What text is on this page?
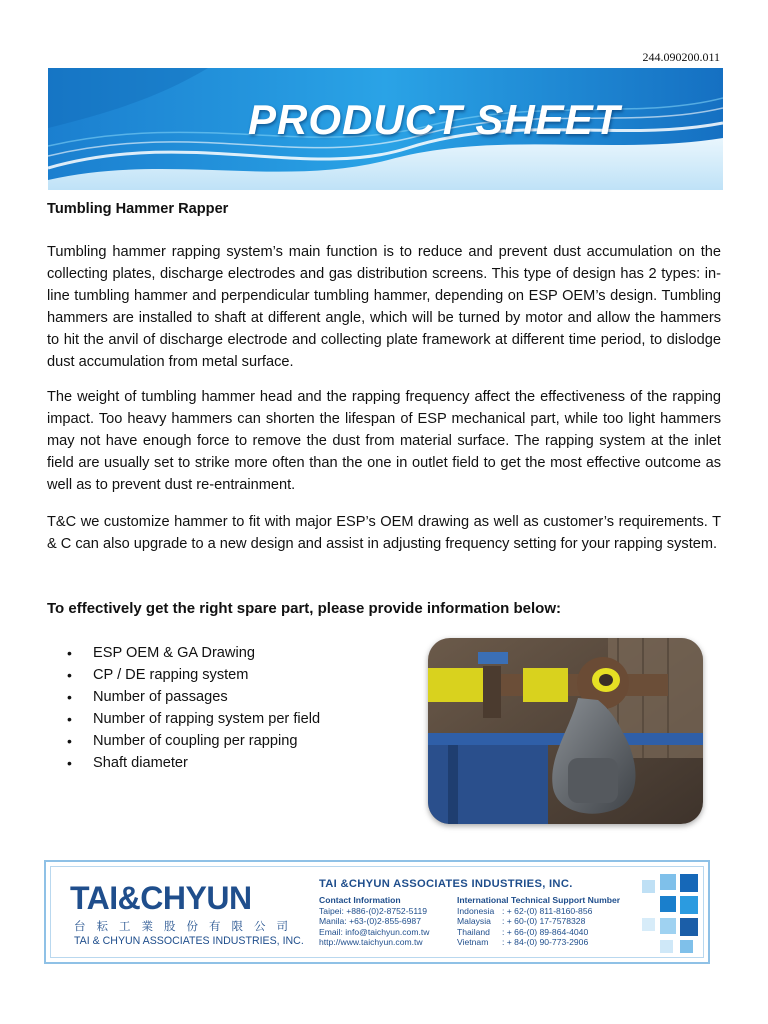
244.090200.011
PRODUCT SHEET
Tumbling Hammer Rapper
Tumbling hammer rapping system’s main function is to reduce and prevent dust accumulation on the collecting plates, discharge electrodes and gas distribution screens. This type of design has 2 types: in-line tumbling hammer and perpendicular tumbling hammer, depending on ESP OEM’s design. Tumbling hammers are installed to shaft at different angle, which will be turned by motor and allow the hammers to hit the anvil of discharge electrode and collecting plate framework at different time period, to dislodge dust accumulation from metal surface.
The weight of tumbling hammer head and the rapping frequency affect the effectiveness of the rapping impact. Too heavy hammers can shorten the lifespan of ESP mechanical part, while too light hammers may not have enough force to remove the dust from material surface. The rapping system at the inlet field are usually set to strike more often than the one in outlet field to get the most effective outcome as well as to prevent dust re-entrainment.
T&C we customize hammer to fit with major ESP’s OEM drawing as well as customer’s requirements. T & C can also upgrade to a new design and assist in adjusting frequency setting for your rapping system.
To effectively get the right spare part, please provide information below:
• ESP OEM & GA Drawing
• CP / DE rapping system
• Number of passages
• Number of rapping system per field
• Number of coupling per rapping
• Shaft diameter
TAI&CHYUN
台耘工業股份有限公司
TAI & CHYUN ASSOCIATES INDUSTRIES, INC.
TAI &CHYUN ASSOCIATES INDUSTRIES, INC.
Contact Information
Taipei: +886-(0)2-8752-5119
Manila: +63-(0)2-855-6987
Email: info@taichyun.com.tw
http://www.taichyun.com.tw
International Technical Support Number
Indonesia : + 62-(0) 811-8160-856
Malaysia : + 60-(0) 17-7578328
Thailand : + 66-(0) 89-864-4040
Vietnam : + 84-(0) 90-773-2906
